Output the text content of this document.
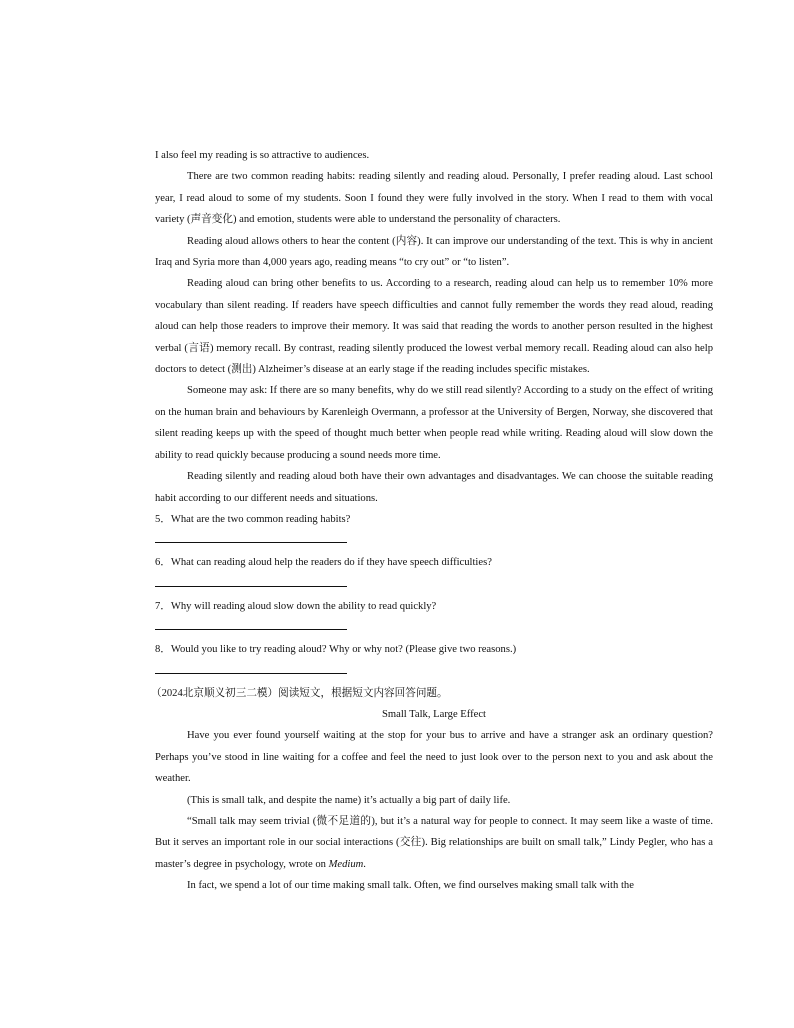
I also feel my reading is so attractive to audiences.

There are two common reading habits: reading silently and reading aloud. Personally, I prefer reading aloud. Last school year, I read aloud to some of my students. Soon I found they were fully involved in the story. When I read to them with vocal variety (声音变化) and emotion, students were able to understand the personality of characters.

Reading aloud allows others to hear the content (内容). It can improve our understanding of the text. This is why in ancient Iraq and Syria more than 4,000 years ago, reading means “to cry out” or “to listen”.

Reading aloud can bring other benefits to us. According to a research, reading aloud can help us to remember 10% more vocabulary than silent reading. If readers have speech difficulties and cannot fully remember the words they read aloud, reading aloud can help those readers to improve their memory. It was said that reading the words to another person resulted in the highest verbal (言语) memory recall. By contrast, reading silently produced the lowest verbal memory recall. Reading aloud can also help doctors to detect (测出) Alzheimer’s disease at an early stage if the reading includes specific mistakes.

Someone may ask: If there are so many benefits, why do we still read silently? According to a study on the effect of writing on the human brain and behaviours by Karenleigh Overmann, a professor at the University of Bergen, Norway, she discovered that silent reading keeps up with the speed of thought much better when people read while writing. Reading aloud will slow down the ability to read quickly because producing a sound needs more time.

Reading silently and reading aloud both have their own advantages and disadvantages. We can choose the suitable reading habit according to our different needs and situations.

5．What are the two common reading habits?

6．What can reading aloud help the readers do if they have speech difficulties?

7．Why will reading aloud slow down the ability to read quickly?

8．Would you like to try reading aloud? Why or why not? (Please give two reasons.)

（2024北京顺义初三二模）阅读短文，根据短文内容回答问题。

Small Talk, Large Effect

Have you ever found yourself waiting at the stop for your bus to arrive and have a stranger ask an ordinary question? Perhaps you’ve stood in line waiting for a coffee and feel the need to just look over to the person next to you and ask about the weather.

(This is small talk, and despite the name) it’s actually a big part of daily life.

“Small talk may seem trivial (微不足道的), but it’s a natural way for people to connect. It may seem like a waste of time. But it serves an important role in our social interactions (交往). Big relationships are built on small talk,” Lindy Pegler, who has a master’s degree in psychology, wrote on Medium.

In fact, we spend a lot of our time making small talk. Often, we find ourselves making small talk with the
